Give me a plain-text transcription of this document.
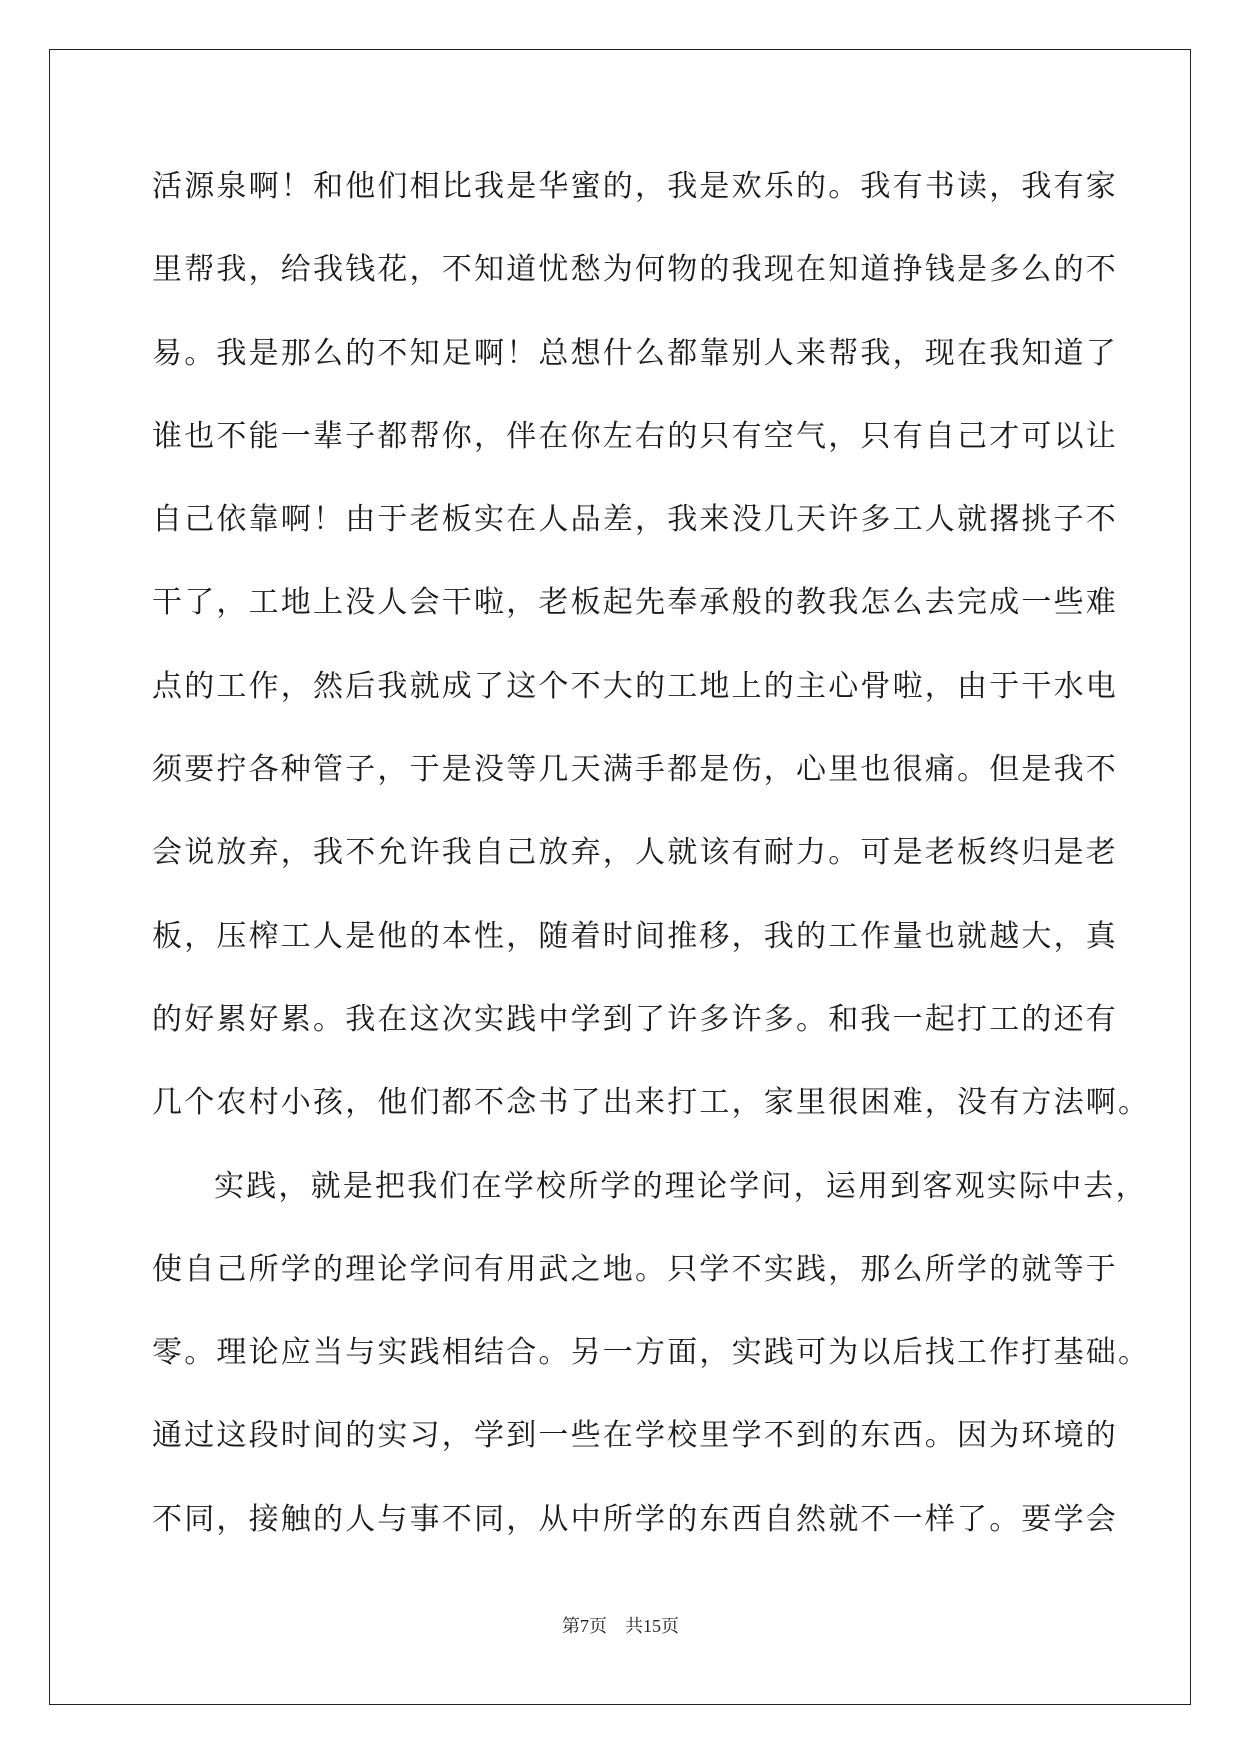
活源泉啊！和他们相比我是华蜜的，我是欢乐的。我有书读，我有家
里帮我，给我钱花，不知道忧愁为何物的我现在知道挣钱是多么的不
易。我是那么的不知足啊！总想什么都靠别人来帮我，现在我知道了
谁也不能一辈子都帮你，伴在你左右的只有空气，只有自己才可以让
自己依靠啊！由于老板实在人品差，我来没几天许多工人就撂挑子不
干了，工地上没人会干啦，老板起先奉承般的教我怎么去完成一些难
点的工作，然后我就成了这个不大的工地上的主心骨啦，由于干水电
须要拧各种管子，于是没等几天满手都是伤，心里也很痛。但是我不
会说放弃，我不允许我自己放弃，人就该有耐力。可是老板终归是老
板，压榨工人是他的本性，随着时间推移，我的工作量也就越大，真
的好累好累。我在这次实践中学到了许多许多。和我一起打工的还有
几个农村小孩，他们都不念书了出来打工，家里很困难，没有方法啊。
实践，就是把我们在学校所学的理论学问，运用到客观实际中去，
使自己所学的理论学问有用武之地。只学不实践，那么所学的就等于
零。理论应当与实践相结合。另一方面，实践可为以后找工作打基础。
通过这段时间的实习，学到一些在学校里学不到的东西。因为环境的
不同，接触的人与事不同，从中所学的东西自然就不一样了。要学会
第7页 共15页
